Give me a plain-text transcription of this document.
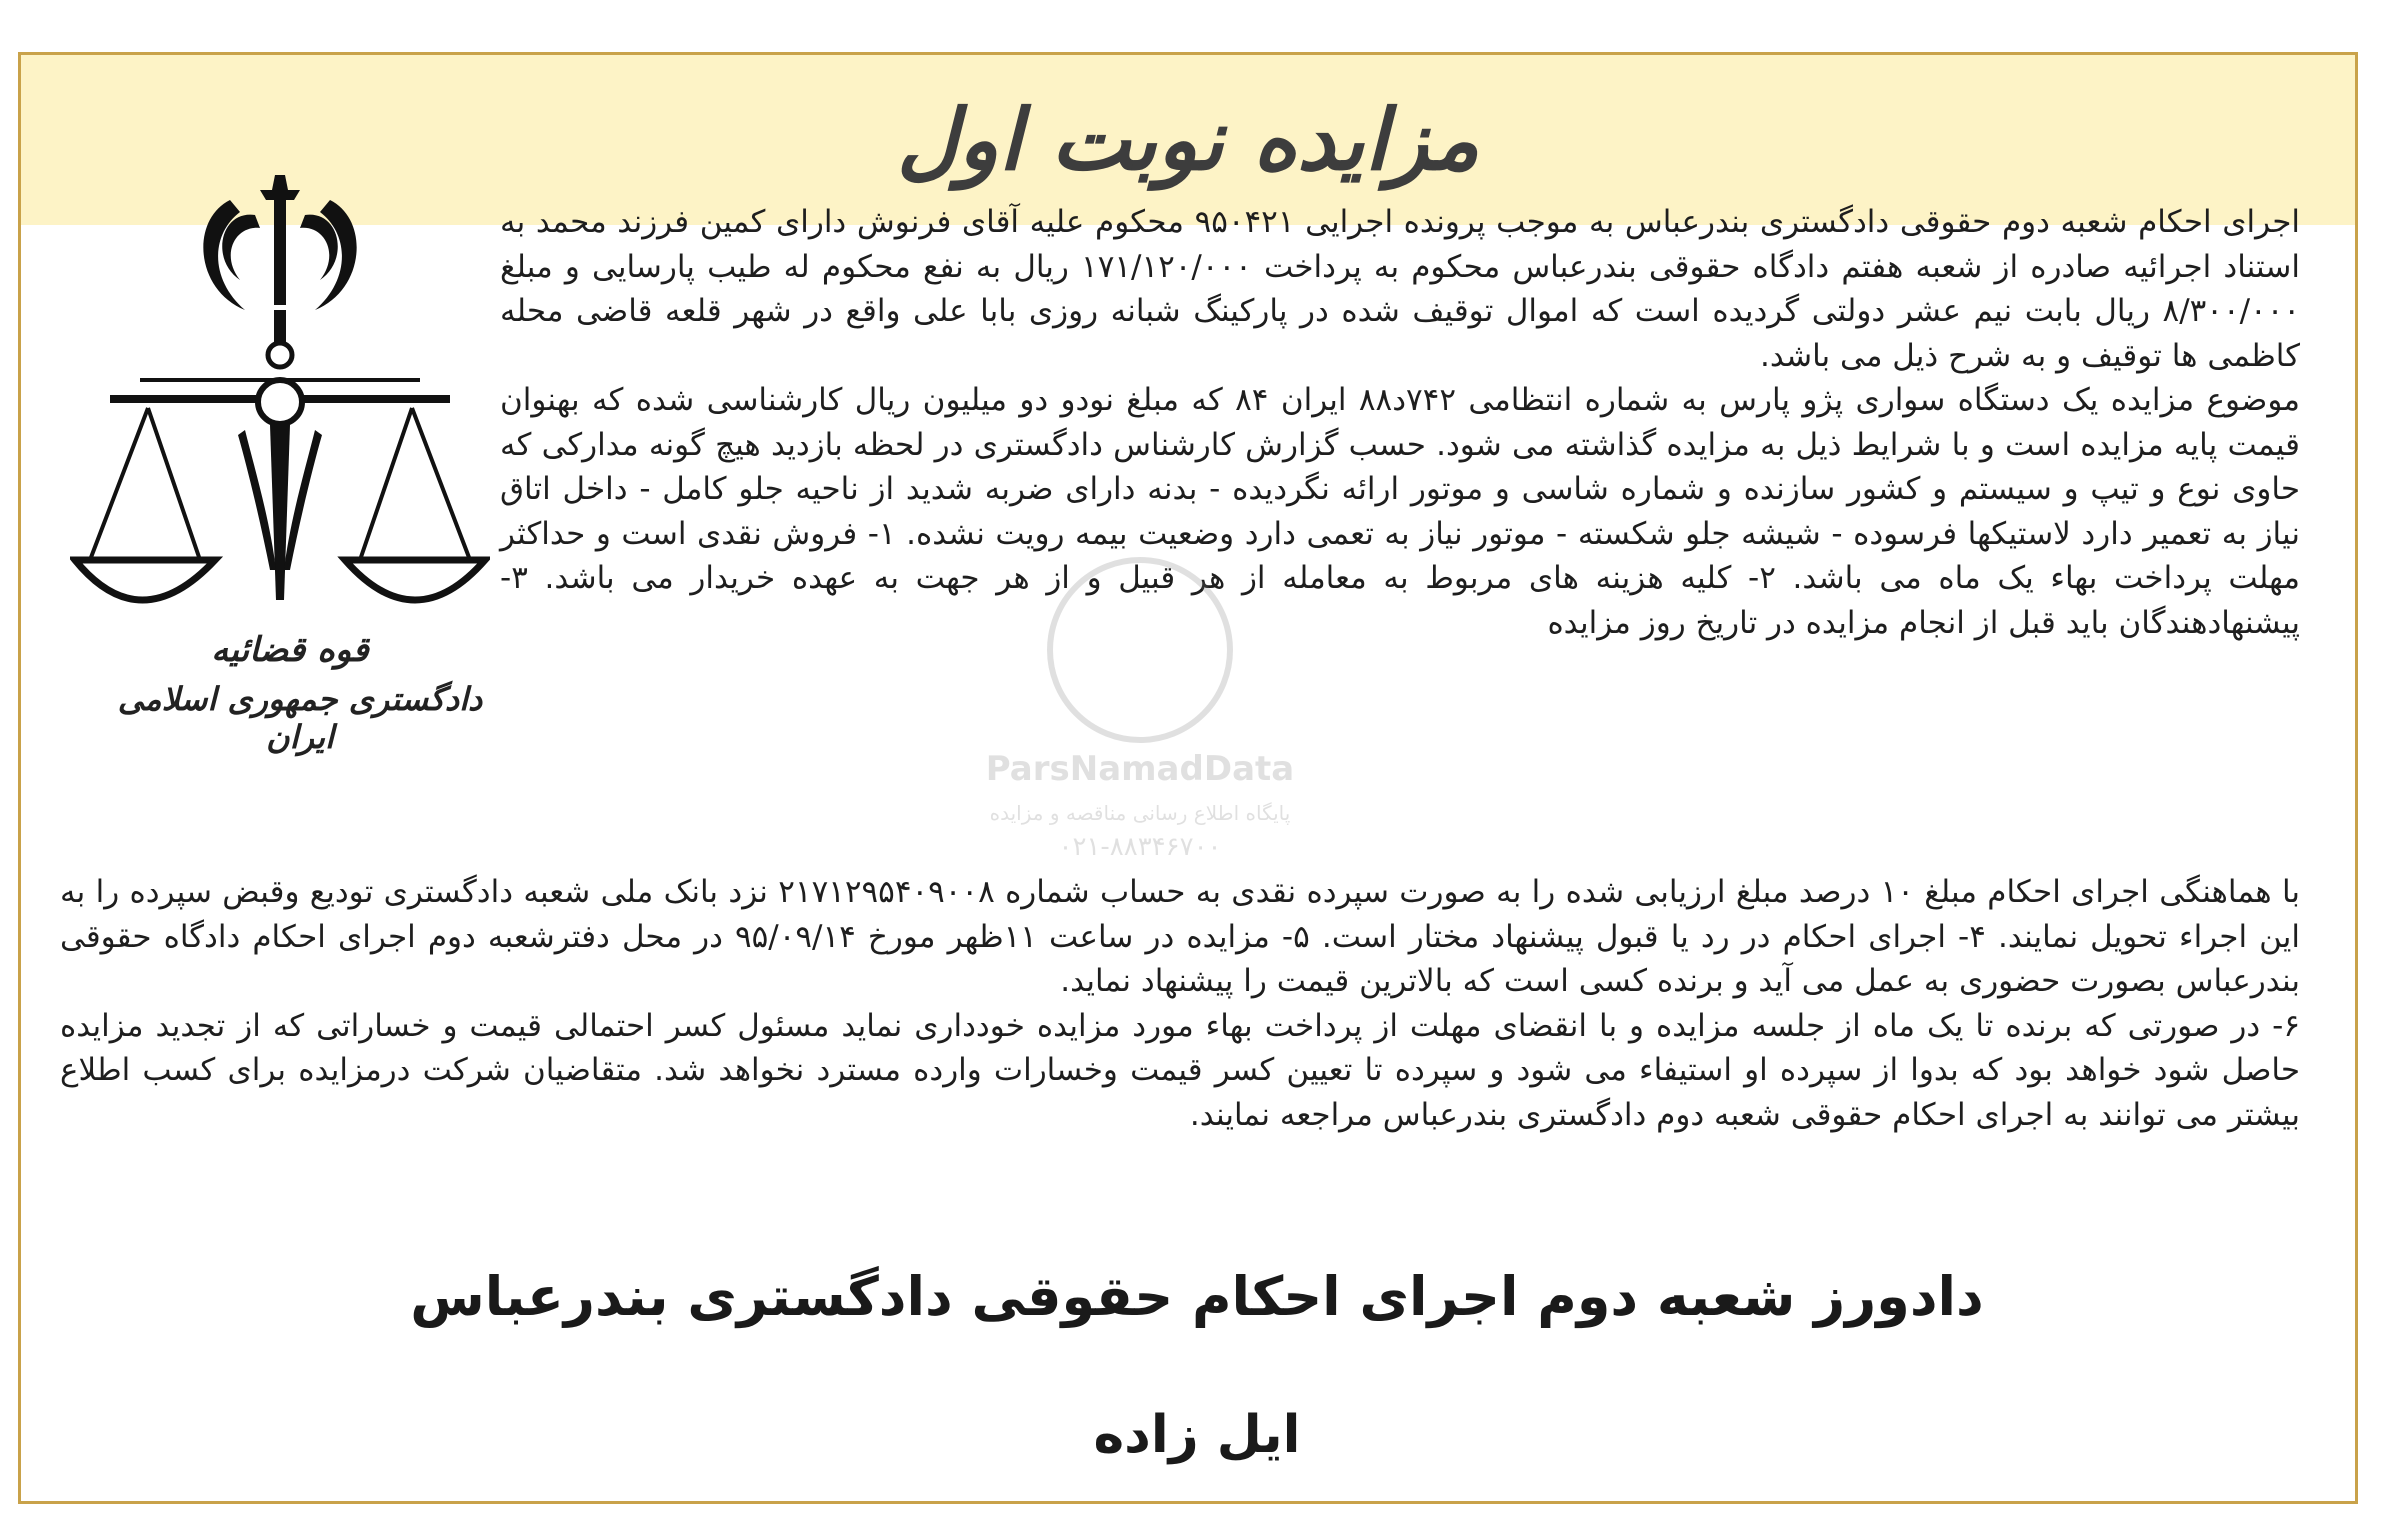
مزایده نوبت اول
قوه قضائیه
دادگستری جمهوری اسلامی ایران

اجرای احکام شعبه دوم حقوقی دادگستری بندرعباس به موجب پرونده اجرایی ۹۵۰۴۲۱ محکوم علیه آقای فرنوش دارای کمین فرزند محمد به استناد اجرائیه صادره از شعبه هفتم دادگاه حقوقی بندرعباس محکوم به پرداخت ۱۷۱/۱۲۰/۰۰۰ ریال به نفع محکوم له طیب پارسایی و مبلغ ۸/۳۰۰/۰۰۰ ریال بابت نیم عشر دولتی گردیده است که اموال توقیف شده در پارکینگ شبانه روزی بابا علی واقع در شهر قلعه قاضی محله کاظمی ها توقیف و به شرح ذیل می باشد.

موضوع مزایده یک دستگاه سواری پژو پارس به شماره انتظامی ۷۴۲د۸۸ ایران ۸۴ که مبلغ نودو دو میلیون ریال کارشناسی شده که بهنوان قیمت پایه مزایده است و با شرایط ذیل به مزایده گذاشته می شود. حسب گزارش کارشناس دادگستری در لحظه بازدید هیچ گونه مدارکی که حاوی نوع و تیپ و سیستم و کشور سازنده و شماره شاسی و موتور ارائه نگردیده - بدنه دارای ضربه شدید از ناحیه جلو کامل - داخل اتاق نیاز به تعمیر دارد لاستیکها فرسوده - شیشه جلو شکسته - موتور نیاز به تعمی دارد وضعیت بیمه رویت نشده. ۱- فروش نقدی است و حداکثر مهلت پرداخت بهاء یک ماه می باشد. ۲- کلیه هزینه های مربوط به معامله از هر قبیل و از هر جهت به عهده خریدار می باشد. ۳- پیشنهادهندگان باید قبل از انجام مزایده در تاریخ روز مزایده

با هماهنگی اجرای احکام مبلغ ۱۰ درصد مبلغ ارزیابی شده را به صورت سپرده نقدی به حساب شماره ۲۱۷۱۲۹۵۴۰۹۰۰۸ نزد بانک ملی شعبه دادگستری تودیع وقبض سپرده را به این اجراء تحویل نمایند. ۴- اجرای احکام در رد یا قبول پیشنهاد مختار است. ۵- مزایده در ساعت ۱۱ظهر مورخ ۹۵/۰۹/۱۴ در محل دفترشعبه دوم اجرای احکام دادگاه حقوقی بندرعباس بصورت حضوری به عمل می آید و برنده کسی است که بالاترین قیمت را پیشنهاد نماید.

۶- در صورتی که برنده تا یک ماه از جلسه مزایده و با انقضای مهلت از پرداخت بهاء مورد مزایده خودداری نماید مسئول کسر احتمالی قیمت و خساراتی که از تجدید مزایده حاصل شود خواهد بود که بدوا از سپرده او استیفاء می شود و سپرده تا تعیین کسر قیمت وخسارات وارده مسترد نخواهد شد. متقاضیان شرکت درمزایده برای کسب اطلاع بیشتر می توانند به اجرای احکام حقوقی شعبه دوم دادگستری بندرعباس مراجعه نمایند.

ParsNamadData
پایگاه اطلاع رسانی مناقصه و مزایده
۰۲۱-۸۸۳۴۶۷۰۰
دادورز شعبه دوم اجرای احکام حقوقی دادگستری بندرعباس
ایل زاده
